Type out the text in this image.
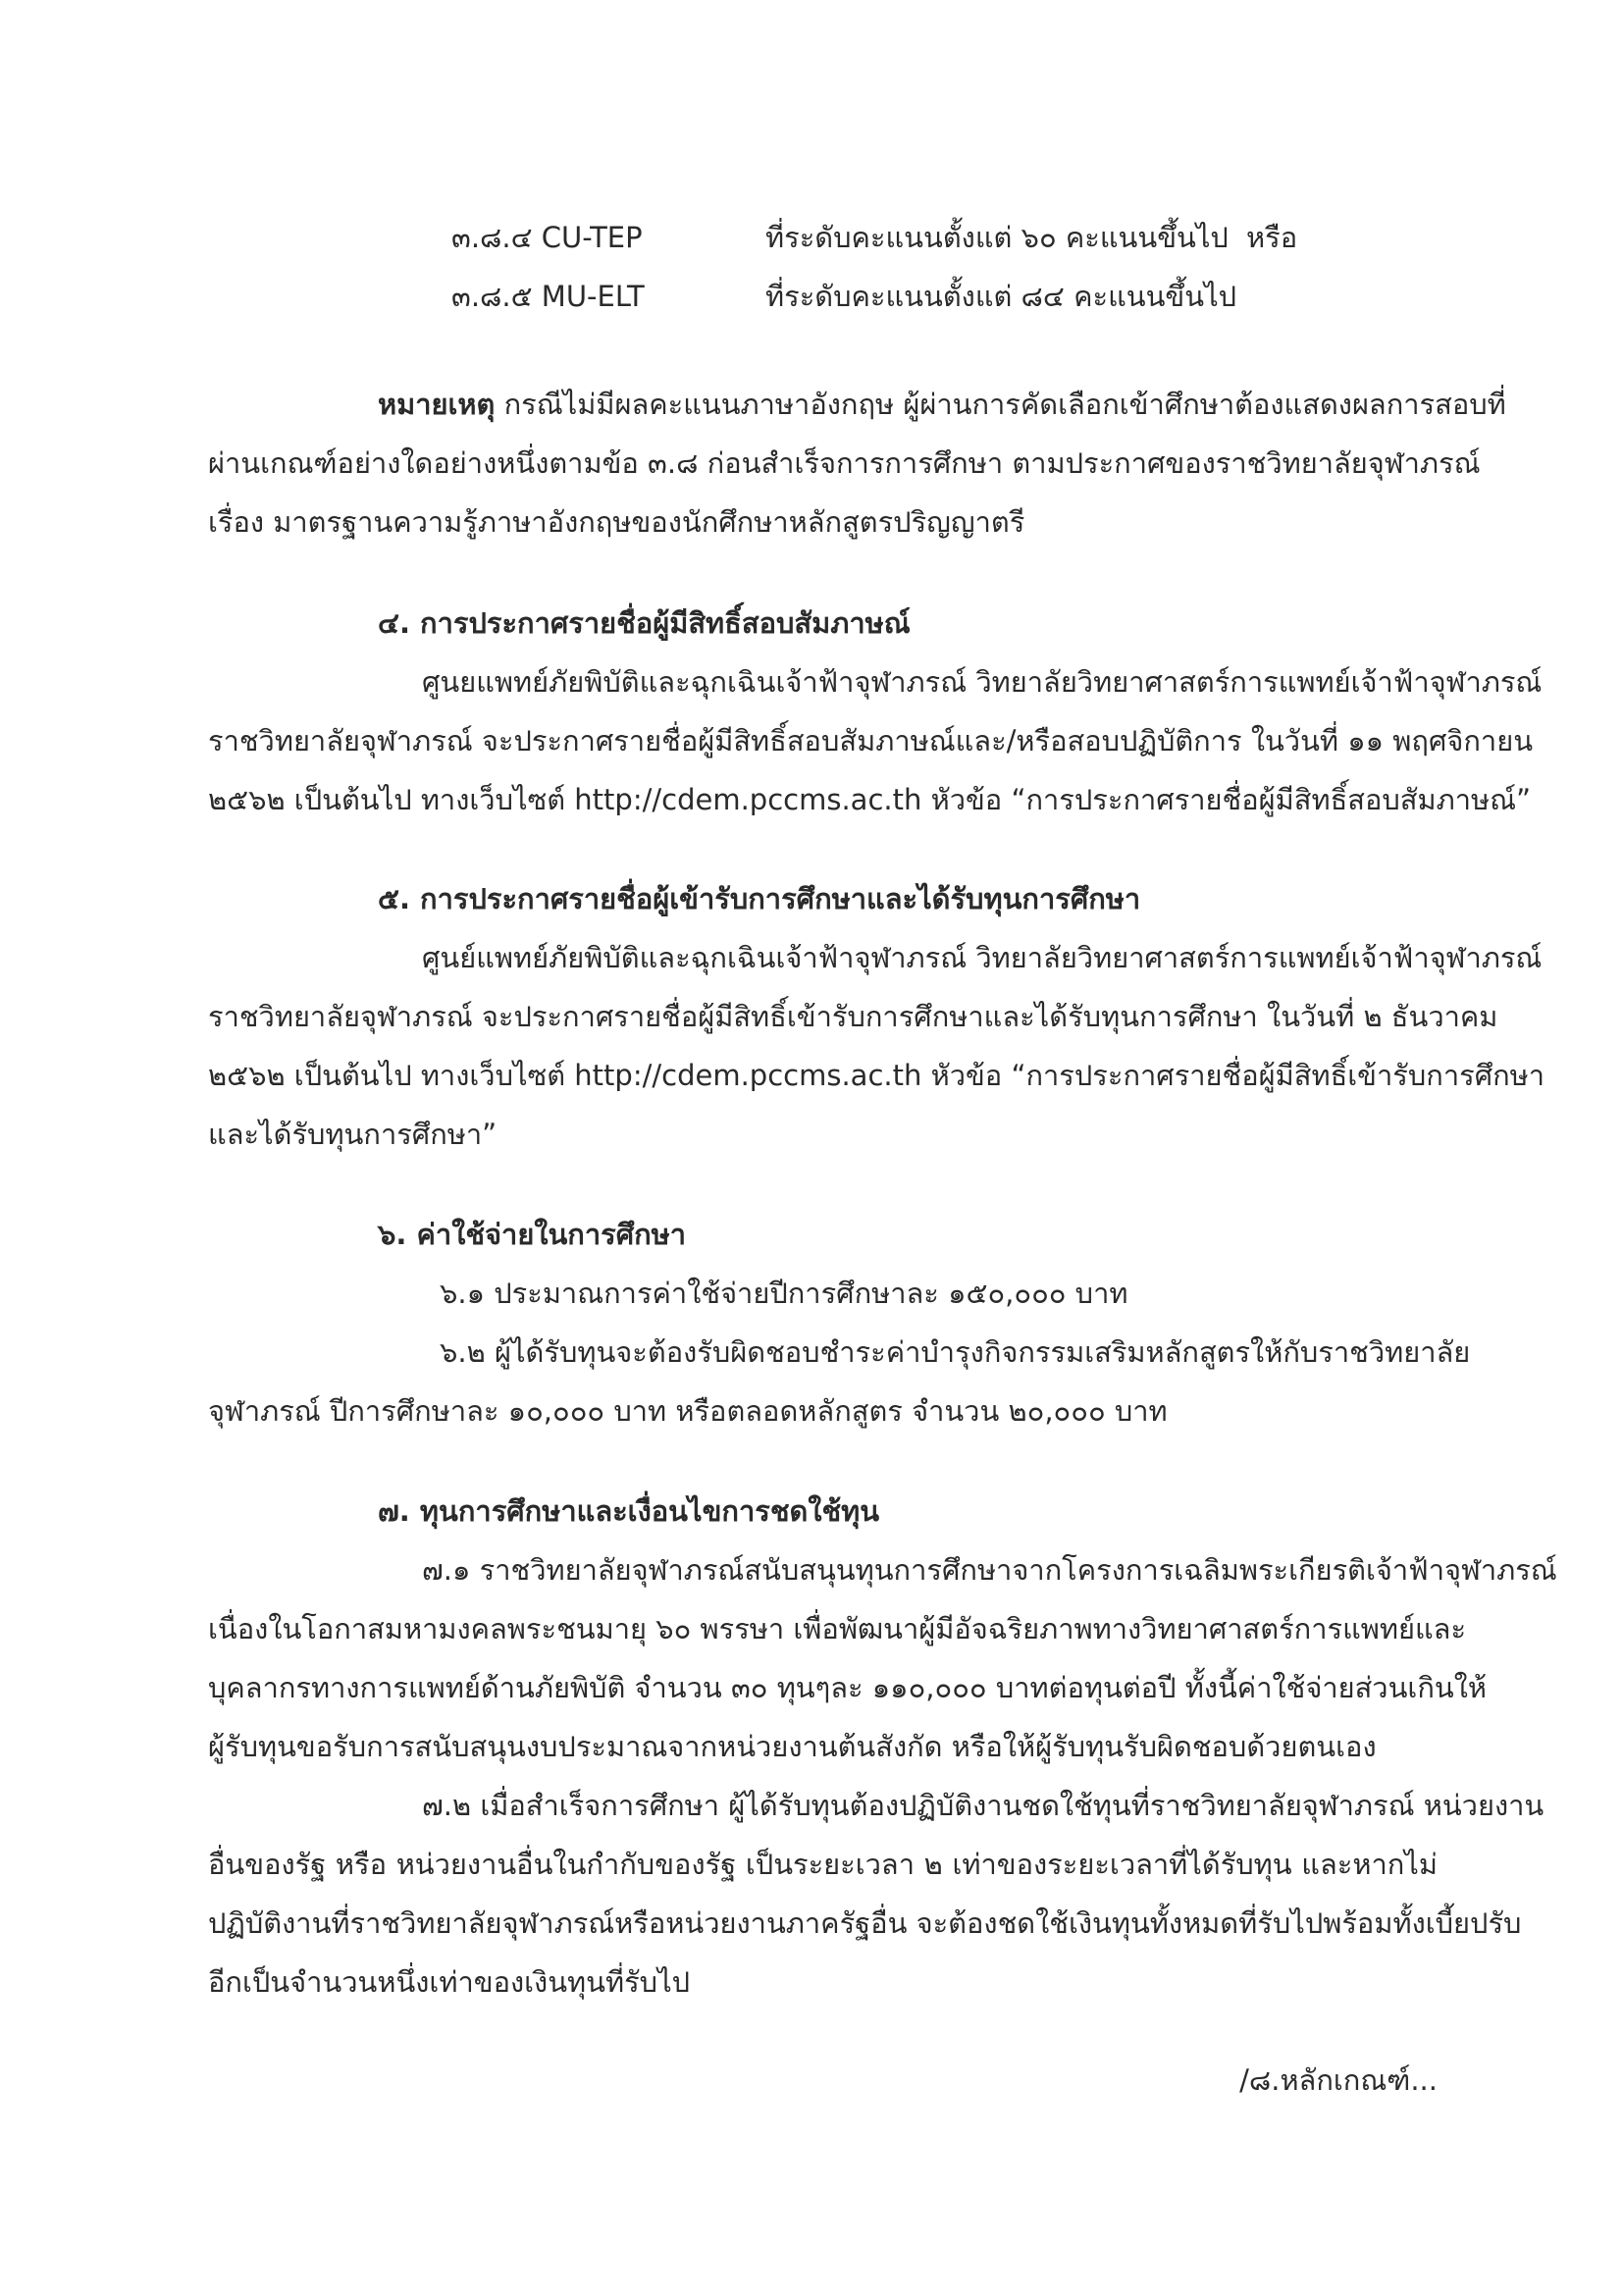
๓.๘.๔ CU-TEP	ที่ระดับคะแนนตั้งแต่ ๖๐ คะแนนขึ้นไป หรือ
๓.๘.๕ MU-ELT	ที่ระดับคะแนนตั้งแต่ ๘๔ คะแนนขึ้นไป
หมายเหตุ กรณีไม่มีผลคะแนนภาษาอังกฤษ ผู้ผ่านการคัดเลือกเข้าศึกษาต้องแสดงผลการสอบที่
ผ่านเกณฑ์อย่างใดอย่างหนึ่งตามข้อ ๓.๘ ก่อนสำเร็จการการศึกษา ตามประกาศของราชวิทยาลัยจุฬาภรณ์
เรื่อง มาตรฐานความรู้ภาษาอังกฤษของนักศึกษาหลักสูตรปริญญาตรี
๔. การประกาศรายชื่อผู้มีสิทธิ์สอบสัมภาษณ์
ศูนยแพทย์ภัยพิบัติและฉุกเฉินเจ้าฟ้าจุฬาภรณ์ วิทยาลัยวิทยาศาสตร์การแพทย์เจ้าฟ้าจุฬาภรณ์
ราชวิทยาลัยจุฬาภรณ์ จะประกาศรายชื่อผู้มีสิทธิ์สอบสัมภาษณ์และ/หรือสอบปฏิบัติการ ในวันที่ ๑๑ พฤศจิกายน
๒๕๖๒ เป็นต้นไป ทางเว็บไซต์ http://cdem.pccms.ac.th หัวข้อ “การประกาศรายชื่อผู้มีสิทธิ์สอบสัมภาษณ์”
๕. การประกาศรายชื่อผู้เข้ารับการศึกษาและได้รับทุนการศึกษา
ศูนย์แพทย์ภัยพิบัติและฉุกเฉินเจ้าฟ้าจุฬาภรณ์ วิทยาลัยวิทยาศาสตร์การแพทย์เจ้าฟ้าจุฬาภรณ์
ราชวิทยาลัยจุฬาภรณ์ จะประกาศรายชื่อผู้มีสิทธิ์เข้ารับการศึกษาและได้รับทุนการศึกษา ในวันที่ ๒ ธันวาคม
๒๕๖๒ เป็นต้นไป ทางเว็บไซต์ http://cdem.pccms.ac.th หัวข้อ “การประกาศรายชื่อผู้มีสิทธิ์เข้ารับการศึกษา
และได้รับทุนการศึกษา”
๖. ค่าใช้จ่ายในการศึกษา
๖.๑ ประมาณการค่าใช้จ่ายปีการศึกษาละ ๑๕๐,๐๐๐ บาท
๖.๒ ผู้ได้รับทุนจะต้องรับผิดชอบชำระค่าบำรุงกิจกรรมเสริมหลักสูตรให้กับราชวิทยาลัย
จุฬาภรณ์ ปีการศึกษาละ ๑๐,๐๐๐ บาท หรือตลอดหลักสูตร จำนวน ๒๐,๐๐๐ บาท
๗. ทุนการศึกษาและเงื่อนไขการชดใช้ทุน
๗.๑ ราชวิทยาลัยจุฬาภรณ์สนับสนุนทุนการศึกษาจากโครงการเฉลิมพระเกียรติเจ้าฟ้าจุฬาภรณ์
เนื่องในโอกาสมหามงคลพระชนมายุ ๖๐ พรรษา เพื่อพัฒนาผู้มีอัจฉริยภาพทางวิทยาศาสตร์การแพทย์และ
บุคลากรทางการแพทย์ด้านภัยพิบัติ จำนวน ๓๐ ทุนๆละ ๑๑๐,๐๐๐ บาทต่อทุนต่อปี ทั้งนี้ค่าใช้จ่ายส่วนเกินให้
ผู้รับทุนขอรับการสนับสนุนงบประมาณจากหน่วยงานต้นสังกัด หรือให้ผู้รับทุนรับผิดชอบด้วยตนเอง
๗.๒ เมื่อสำเร็จการศึกษา ผู้ได้รับทุนต้องปฏิบัติงานชดใช้ทุนที่ราชวิทยาลัยจุฬาภรณ์ หน่วยงาน
อื่นของรัฐ หรือ หน่วยงานอื่นในกำกับของรัฐ เป็นระยะเวลา ๒ เท่าของระยะเวลาที่ได้รับทุน และหากไม่
ปฏิบัติงานที่ราชวิทยาลัยจุฬาภรณ์หรือหน่วยงานภาครัฐอื่น จะต้องชดใช้เงินทุนทั้งหมดที่รับไปพร้อมทั้งเบี้ยปรับ
อีกเป็นจำนวนหนึ่งเท่าของเงินทุนที่รับไป
/๘.หลักเกณฑ์...
